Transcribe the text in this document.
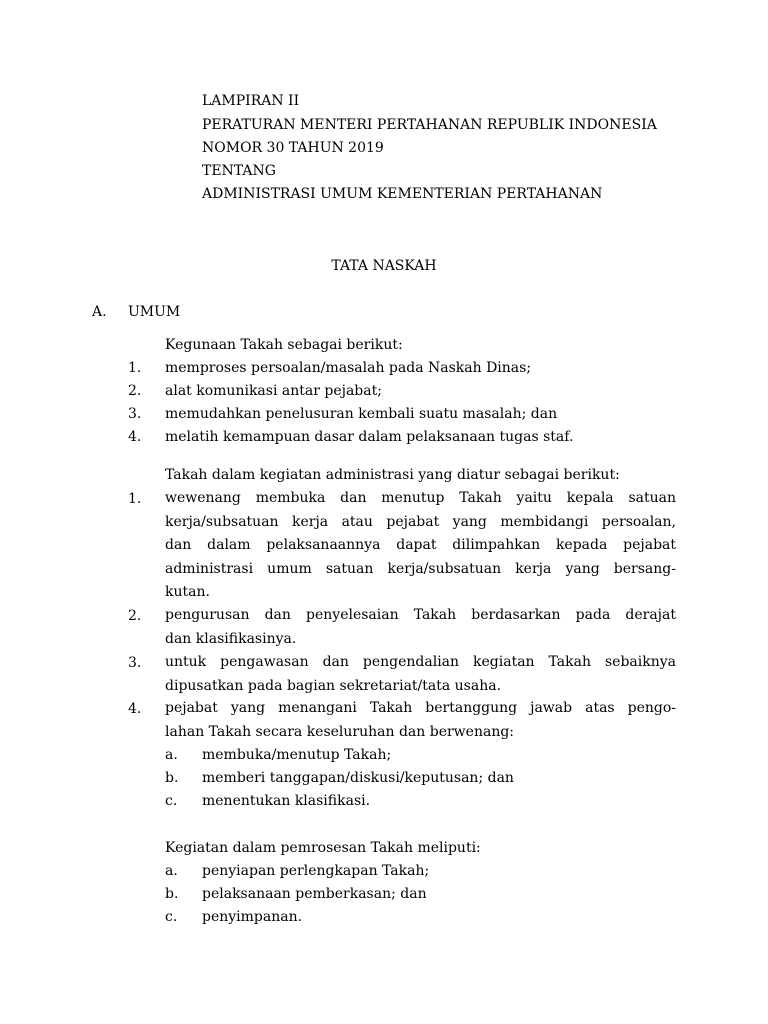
LAMPIRAN II
PERATURAN MENTERI PERTAHANAN REPUBLIK INDONESIA
NOMOR 30 TAHUN 2019
TENTANG
ADMINISTRASI UMUM KEMENTERIAN PERTAHANAN
TATA NASKAH
A. UMUM
Kegunaan Takah sebagai berikut:
1. memproses persoalan/masalah pada Naskah Dinas;
2. alat komunikasi antar pejabat;
3. memudahkan penelusuran kembali suatu masalah; dan
4. melatih kemampuan dasar dalam pelaksanaan tugas staf.
Takah dalam kegiatan administrasi yang diatur sebagai berikut:
1. wewenang membuka dan menutup Takah yaitu kepala satuan
kerja/subsatuan kerja atau pejabat yang membidangi persoalan,
dan dalam pelaksanaannya dapat dilimpahkan kepada pejabat
administrasi umum satuan kerja/subsatuan kerja yang bersang-
kutan.
2. pengurusan dan penyelesaian Takah berdasarkan pada derajat
dan klasifikasinya.
3. untuk pengawasan dan pengendalian kegiatan Takah sebaiknya
dipusatkan pada bagian sekretariat/tata usaha.
4. pejabat yang menangani Takah bertanggung jawab atas pengo-
lahan Takah secara keseluruhan dan berwenang:
a. membuka/menutup Takah;
b. memberi tanggapan/diskusi/keputusan; dan
c. menentukan klasifikasi.
Kegiatan dalam pemrosesan Takah meliputi:
a. penyiapan perlengkapan Takah;
b. pelaksanaan pemberkasan; dan
c. penyimpanan.
